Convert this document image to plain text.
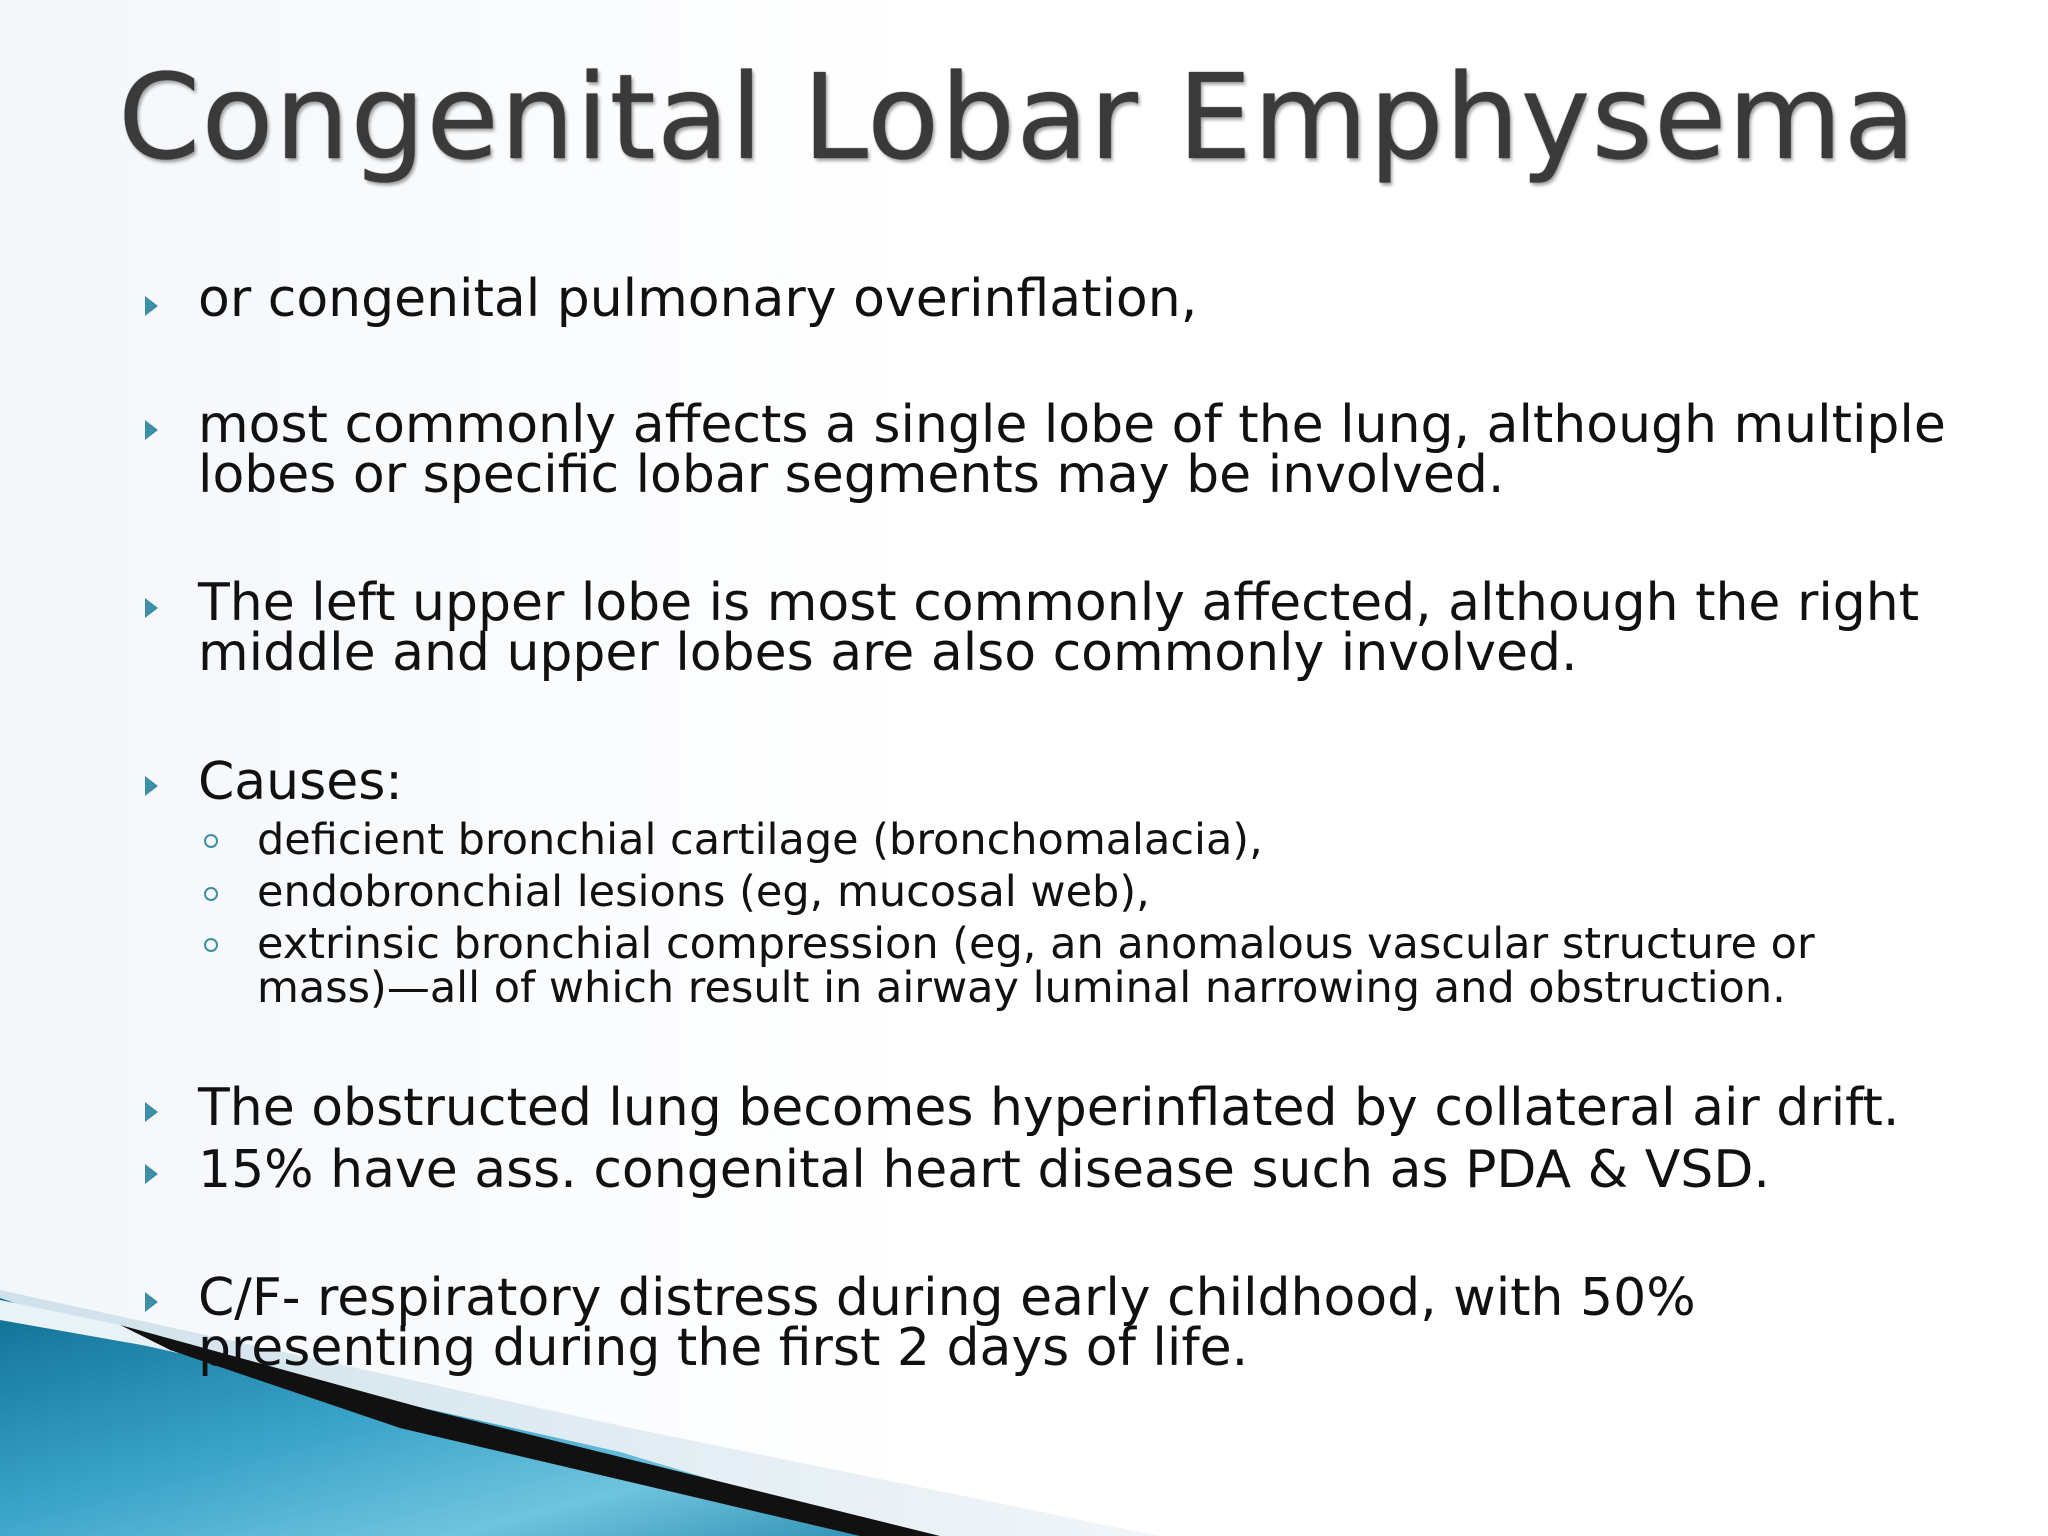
Congenital Lobar Emphysema
or congenital pulmonary overinflation,
most commonly affects a single lobe of the lung, although multiple
lobes or specific lobar segments may be involved.
The left upper lobe is most commonly affected, although the right
middle and upper lobes are also commonly involved.
Causes:
deficient bronchial cartilage (bronchomalacia),
endobronchial lesions (eg, mucosal web),
extrinsic bronchial compression (eg, an anomalous vascular structure or
mass)—all of which result in airway luminal narrowing and obstruction.
The obstructed lung becomes hyperinflated by collateral air drift.
15% have ass. congenital heart disease such as PDA & VSD.
C/F- respiratory distress during early childhood, with 50%
presenting during the first 2 days of life.
